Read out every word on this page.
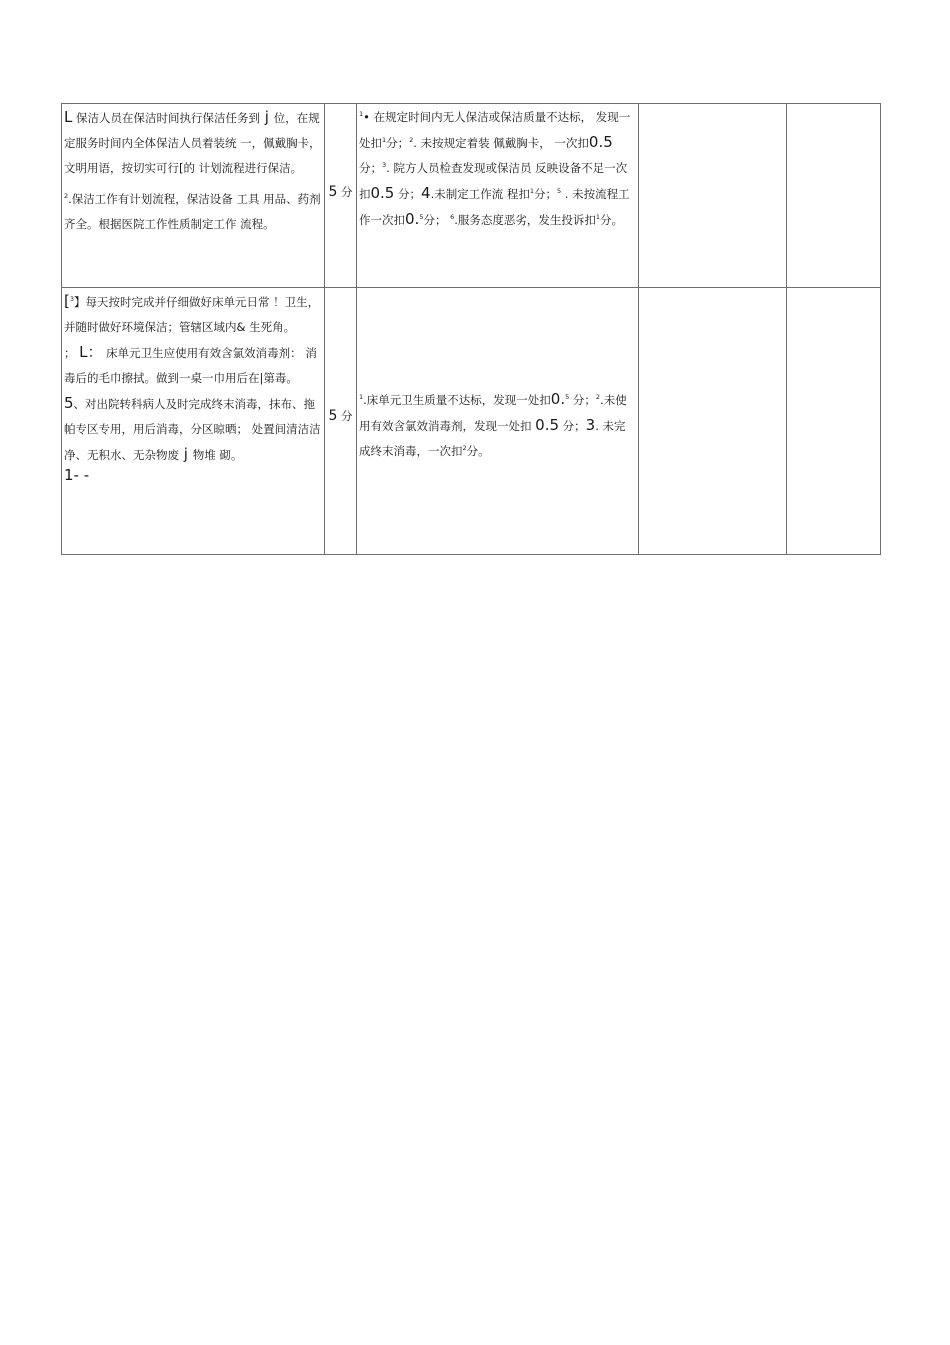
L 保洁人员在保洁时间执行保洁任务到 j 位，在规定服务时间内全体保洁人员着装统 一，佩戴胸卡，文明用语，按切实可行[的 计划流程进行保洁。

$^2$.保洁工作有计划流程，保洁设备 工具 用品、药剂齐全。根据医院工作性质制定工作 流程。	5 分	$^1$• 在规定时间内无人保洁或保洁质量不达标， 发现一处扣$^1$分；$^2$. 未按规定着装 佩戴胸卡， 一次扣0.5 分；$^3$. 院方人员检查发现或保洁员 反映设备不足一次扣0.5 分；4.未制定工作流 程扣$^1$分；$^5$ . 未按流程工作一次扣0.$^5$分； $^6$.服务态度恶劣，发生投诉扣$^1$分。		

[$^3$】每天按时完成并仔细做好床单元日常 ！卫生，并随时做好环境保洁；管辖区域内& 生死角。

； L： 床单元卫生应使用有效含氯效消毒剂： 消毒后的毛巾擦拭。做到一桌一巾用后在|第毒。

5、对出院转科病人及时完成终末消毒，抹布、拖帕专区专用，用后消毒，分区晾晒； 处置间清洁洁净、无积水、无杂物废 j 物堆 砌。

1- -	5 分	$^1$.床单元卫生质量不达标，发现一处扣0.$^5$ 分；$^2$.未使用有效含氯效消毒剂，发现一处扣 0.5 分；3. 未完成终末消毒，一次扣$^2$分。		
